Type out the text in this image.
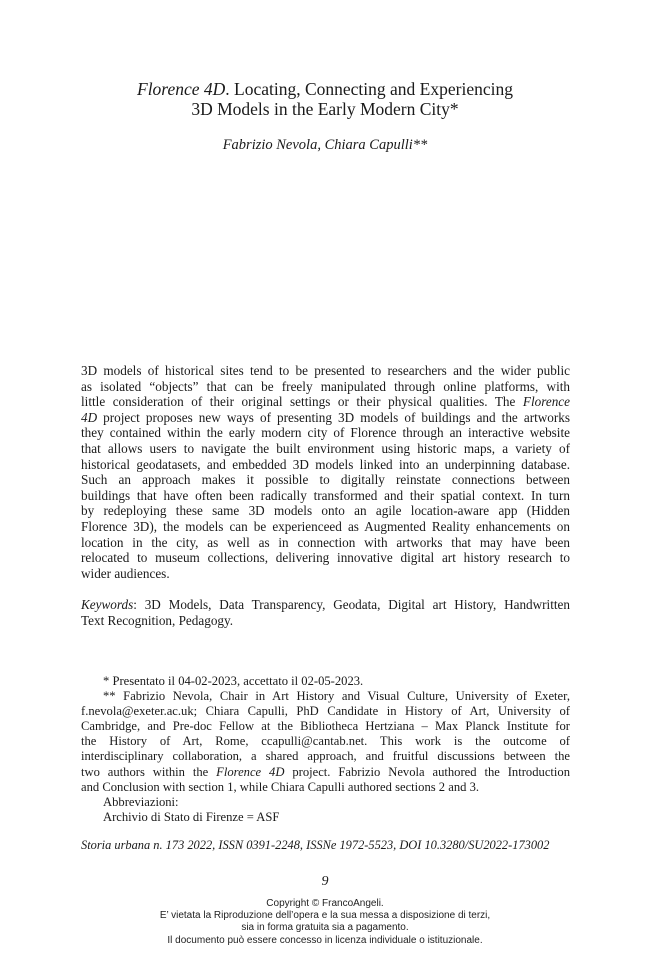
Florence 4D. Locating, Connecting and Experiencing
3D Models in the Early Modern City*
Fabrizio Nevola, Chiara Capulli**
3D models of historical sites tend to be presented to researchers and the wider public
as isolated “objects” that can be freely manipulated through online platforms, with
little consideration of their original settings or their physical qualities. The Florence
4D project proposes new ways of presenting 3D models of buildings and the artworks
they contained within the early modern city of Florence through an interactive website
that allows users to navigate the built environment using historic maps, a variety of
historical geodatasets, and embedded 3D models linked into an underpinning database.
Such an approach makes it possible to digitally reinstate connections between
buildings that have often been radically transformed and their spatial context. In turn
by redeploying these same 3D models onto an agile location-aware app (Hidden
Florence 3D), the models can be experienceed as Augmented Reality enhancements on
location in the city, as well as in connection with artworks that may have been
relocated to museum collections, delivering innovative digital art history research to
wider audiences.
Keywords: 3D Models, Data Transparency, Geodata, Digital art History, Handwritten
Text Recognition, Pedagogy.
* Presentato il 04-02-2023, accettato il 02-05-2023.
** Fabrizio Nevola, Chair in Art History and Visual Culture, University of Exeter,
f.nevola@exeter.ac.uk; Chiara Capulli, PhD Candidate in History of Art, University of
Cambridge, and Pre-doc Fellow at the Bibliotheca Hertziana – Max Planck Institute for
the History of Art, Rome, ccapulli@cantab.net. This work is the outcome of
interdisciplinary collaboration, a shared approach, and fruitful discussions between the
two authors within the Florence 4D project. Fabrizio Nevola authored the Introduction
and Conclusion with section 1, while Chiara Capulli authored sections 2 and 3.
Abbreviazioni:
Archivio di Stato di Firenze = ASF
Storia urbana n. 173 2022, ISSN 0391-2248, ISSNe 1972-5523, DOI 10.3280/SU2022-173002
9
Copyright © FrancoAngeli.
E’ vietata la Riproduzione dell’opera e la sua messa a disposizione di terzi,
sia in forma gratuita sia a pagamento.
Il documento può essere concesso in licenza individuale o istituzionale.
